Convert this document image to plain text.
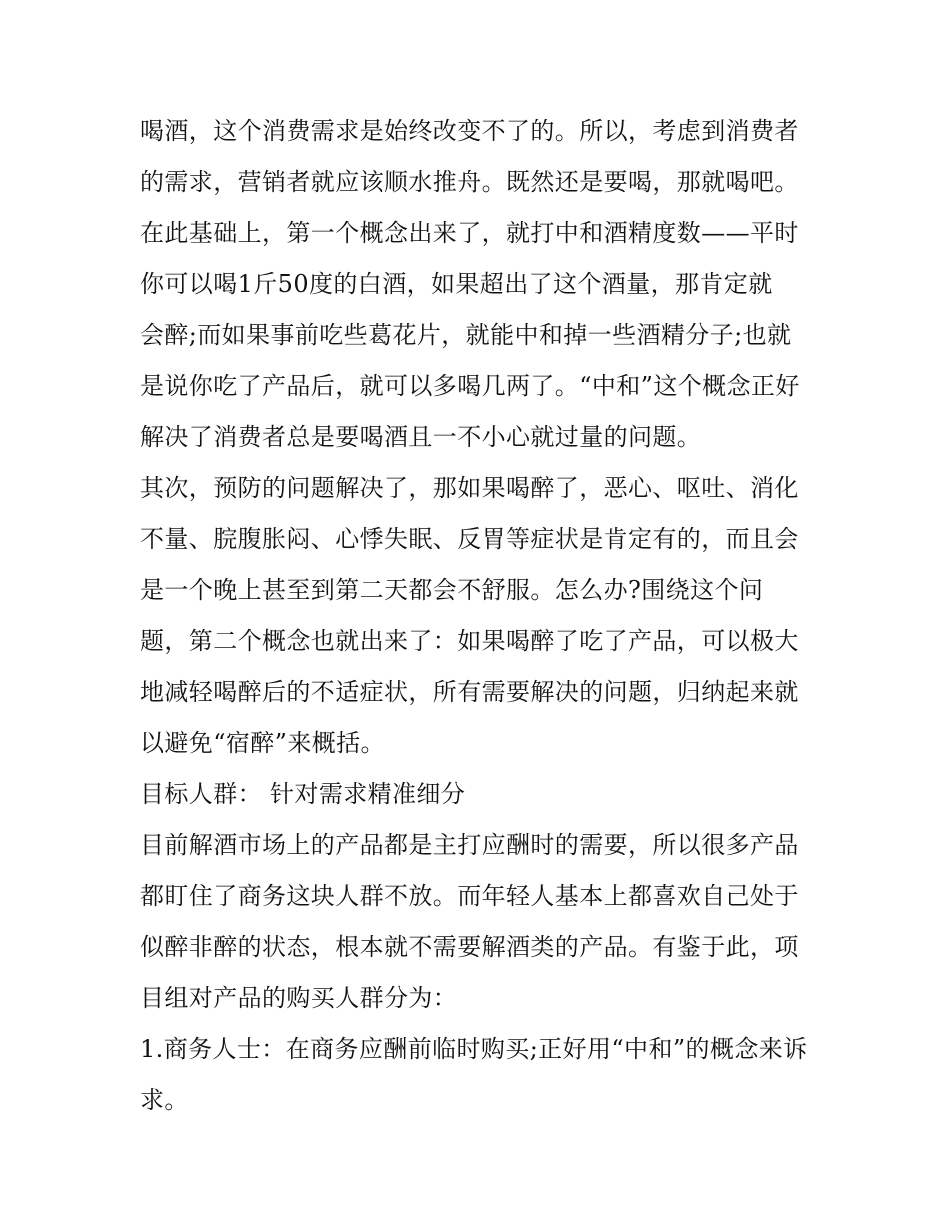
喝酒，这个消费需求是始终改变不了的。所以，考虑到消费者
的需求，营销者就应该顺水推舟。既然还是要喝，那就喝吧。
在此基础上，第一个概念出来了，就打中和酒精度数——平时
你可以喝1斤50度的白酒，如果超出了这个酒量，那肯定就
会醉;而如果事前吃些葛花片，就能中和掉一些酒精分子;也就
是说你吃了产品后，就可以多喝几两了。“中和”这个概念正好
解决了消费者总是要喝酒且一不小心就过量的问题。
其次，预防的问题解决了，那如果喝醉了，恶心、呕吐、消化
不量、脘腹胀闷、心悸失眠、反胃等症状是肯定有的，而且会
是一个晚上甚至到第二天都会不舒服。怎么办?围绕这个问
题，第二个概念也就出来了：如果喝醉了吃了产品，可以极大
地减轻喝醉后的不适症状，所有需要解决的问题，归纳起来就
以避免“宿醉”来概括。
目标人群： 针对需求精准细分
目前解酒市场上的产品都是主打应酬时的需要，所以很多产品
都盯住了商务这块人群不放。而年轻人基本上都喜欢自己处于
似醉非醉的状态，根本就不需要解酒类的产品。有鉴于此，项
目组对产品的购买人群分为：
1.商务人士：在商务应酬前临时购买;正好用“中和”的概念来诉
求。
